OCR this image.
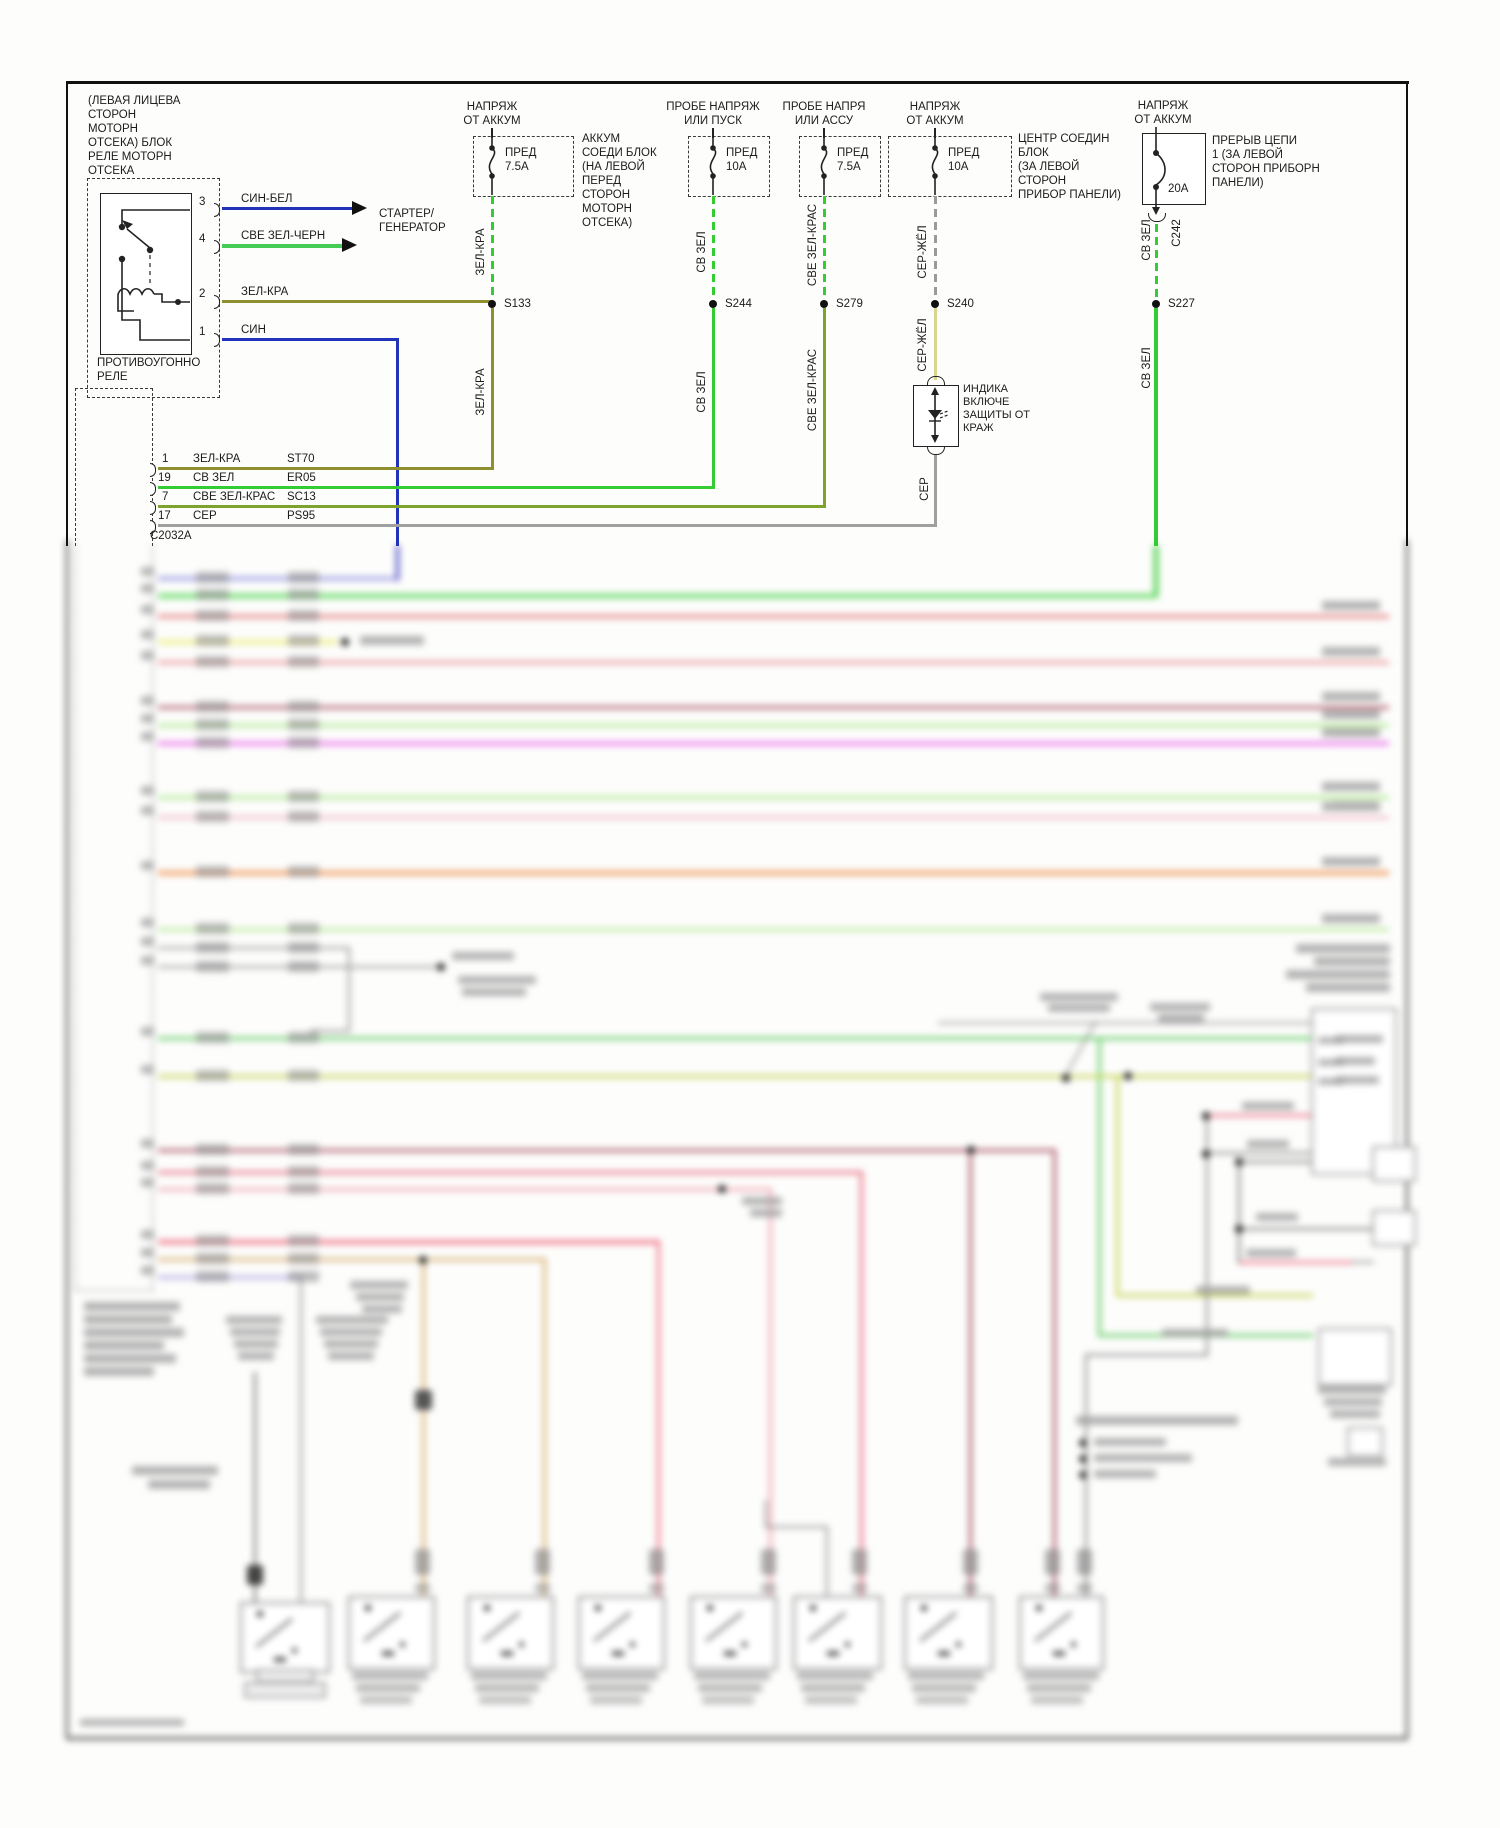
(ЛЕВАЯ ЛИЦЕВА
СТОРОН
МОТОРН
ОТСЕКА) БЛОК
РЕЛЕ МОТОРН
ОТСЕКА
ПРОТИВОУГОННО
РЕЛЕ
3
4
2
1
СИН-БЕЛ
СВЕ ЗЕЛ-ЧЕРН
СТАРТЕР/
ГЕНЕРАТОР
ЗЕЛ-КРА
СИН
НАПРЯЖ
ОТ АККУМ
ПРЕД
7.5A
АККУМ
СОЕДИ БЛОК
(НА ЛЕВОЙ
ПЕРЕД
СТОРОН
МОТОРН
ОТСЕКА)
ЗЕЛ-КРА
S133
ЗЕЛ-КРА
ПРОБЕ НАПРЯЖ
ИЛИ ПУСК
ПРЕД
10А
СВ ЗЕЛ
S244
СВ ЗЕЛ
ПРОБЕ НАПРЯ
ИЛИ АССУ
ПРЕД
7.5А
СВЕ ЗЕЛ-КРАС
S279
СВЕ ЗЕЛ-КРАС
НАПРЯЖ
ОТ АККУМ
ПРЕД
10А
ЦЕНТР СОЕДИН
БЛОК
(ЗА ЛЕВОЙ
СТОРОН
ПРИБОР ПАНЕЛИ)
СЕР-ЖЁЛ
S240
СЕР-ЖЁЛ
ИНДИКА
ВКЛЮЧЕ
ЗАЩИТЫ ОТ
КРАЖ
СЕР
НАПРЯЖ
ОТ АККУМ
20A
ПРЕРЫВ ЦЕПИ
1 (ЗА ЛЕВОЙ
СТОРОН ПРИБОРН
ПАНЕЛИ)
С242
СВ ЗЕЛ
S227
СВ ЗЕЛ
1 ЗЕЛ-КРА	ST70
19 СВ ЗЕЛ	ER05
7 СВЕ ЗЕЛ-КРАС SC13
17 СЕР	PS95
C2032A
